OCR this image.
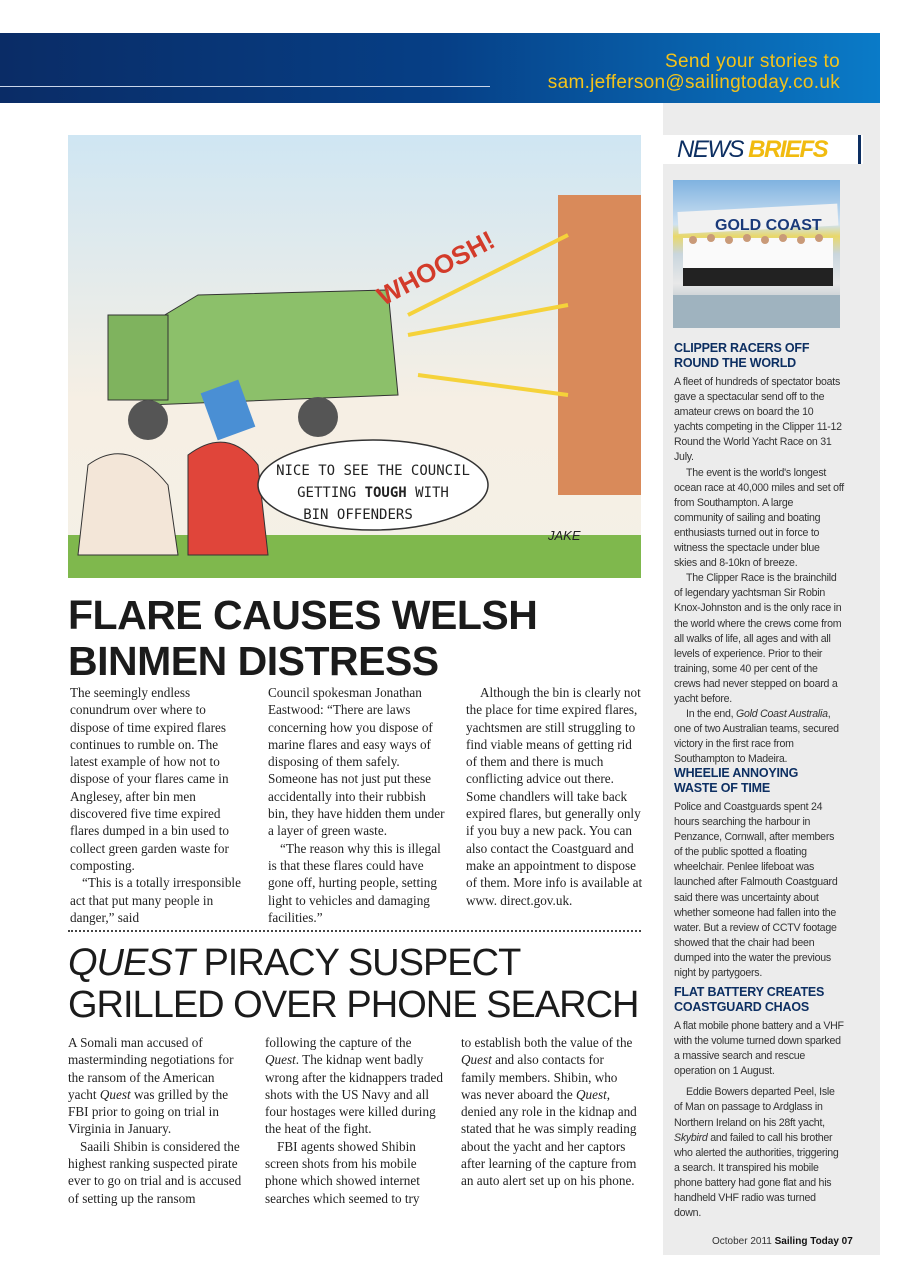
Send your stories to
sam.jefferson@sailingtoday.co.uk
NEWS BRIEFS
GOLD COAST
CLIPPER RACERS OFF ROUND THE WORLD

A fleet of hundreds of spectator boats gave a spectacular send off to the amateur crews on board the 10 yachts competing in the Clipper 11-12 Round the World Yacht Race on 31 July.

The event is the world's longest ocean race at 40,000 miles and set off from Southampton. A large community of sailing and boating enthusiasts turned out in force to witness the spectacle under blue skies and 8-10kn of breeze.

The Clipper Race is the brainchild of legendary yachtsman Sir Robin Knox-Johnston and is the only race in the world where the crews come from all walks of life, all ages and with all levels of experience. Prior to their training, some 40 per cent of the crews had never stepped on board a yacht before.

In the end, Gold Coast Australia, one of two Australian teams, secured victory in the first race from Southampton to Madeira.

WHEELIE ANNOYING WASTE OF TIME

Police and Coastguards spent 24 hours searching the harbour in Penzance, Cornwall, after members of the public spotted a floating wheelchair. Penlee lifeboat was launched after Falmouth Coastguard said there was uncertainty about whether someone had fallen into the water. But a review of CCTV footage showed that the chair had been dumped into the water the previous night by partygoers.

FLAT BATTERY CREATES COASTGUARD CHAOS

A flat mobile phone battery and a VHF with the volume turned down sparked a massive search and rescue operation on 1 August.

Eddie Bowers departed Peel, Isle of Man on passage to Ardglass in Northern Ireland on his 28ft yacht, Skybird and failed to call his brother who alerted the authorities, triggering a search. It transpired his mobile phone battery had gone flat and his handheld VHF radio was turned down.

October 2011 Sailing Today 07
NICE TO SEE THE COUNCIL
GETTING TOUGH WITH
BIN OFFENDERS
WHOOSH!
JAKE
FLARE CAUSES WELSH
BINMEN DISTRESS

The seemingly endless conundrum over where to dispose of time expired flares continues to rumble on. The latest example of how not to dispose of your flares came in Anglesey, after bin men discovered five time expired flares dumped in a bin used to collect green garden waste for composting.

“This is a totally irresponsible act that put many people in danger,” said

Council spokesman Jonathan Eastwood: “There are laws concerning how you dispose of marine flares and easy ways of disposing of them safely. Someone has not just put these accidentally into their rubbish bin, they have hidden them under a layer of green waste.

“The reason why this is illegal is that these flares could have gone off, hurting people, setting light to vehicles and damaging facilities.”

Although the bin is clearly not the place for time expired flares, yachtsmen are still struggling to find viable means of getting rid of them and there is much conflicting advice out there. Some chandlers will take back expired flares, but generally only if you buy a new pack. You can also contact the Coastguard and make an appointment to dispose of them. More info is available at www. direct.gov.uk.

QUEST PIRACY SUSPECT
GRILLED OVER PHONE SEARCH

A Somali man accused of masterminding negotiations for the ransom of the American yacht Quest was grilled by the FBI prior to going on trial in Virginia in January.

Saaili Shibin is considered the highest ranking suspected pirate ever to go on trial and is accused of setting up the ransom

following the capture of the Quest. The kidnap went badly wrong after the kidnappers traded shots with the US Navy and all four hostages were killed during the heat of the fight.

FBI agents showed Shibin screen shots from his mobile phone which showed internet searches which seemed to try

to establish both the value of the Quest and also contacts for family members. Shibin, who was never aboard the Quest, denied any role in the kidnap and stated that he was simply reading about the yacht and her captors after learning of the capture from an auto alert set up on his phone.
